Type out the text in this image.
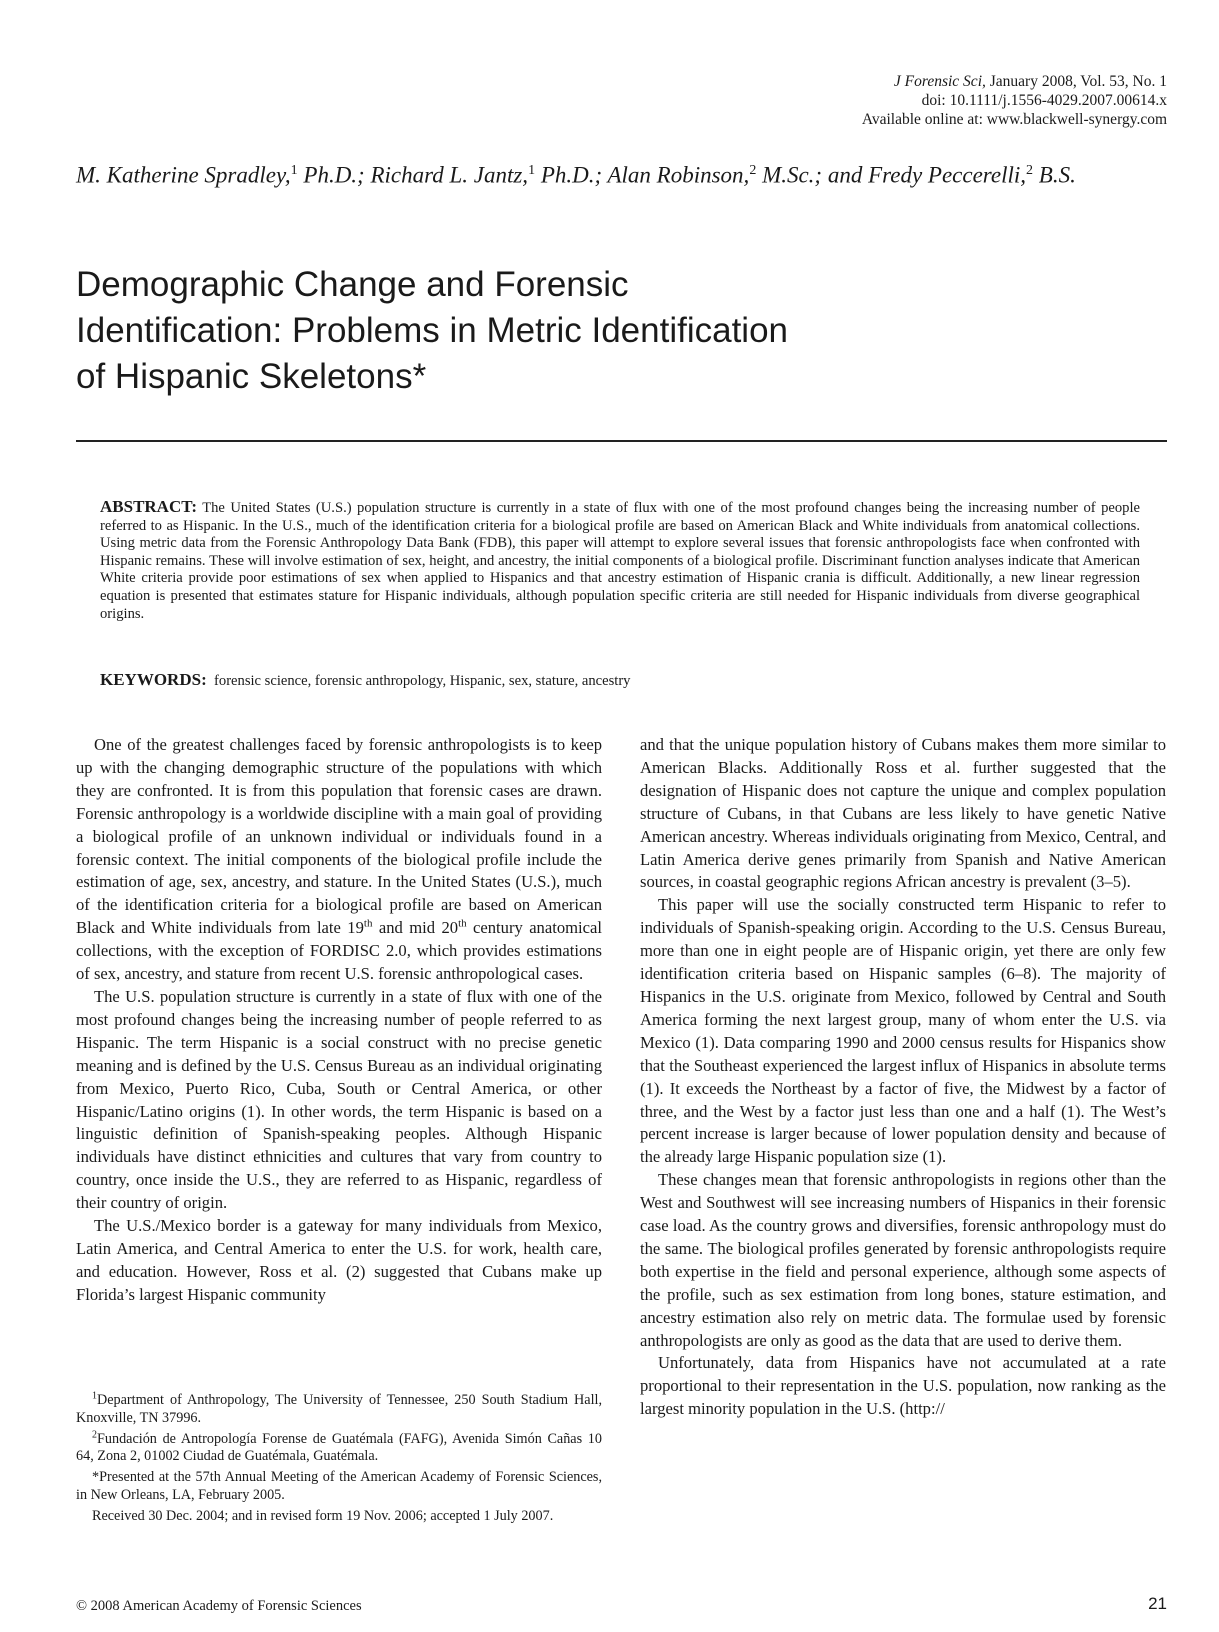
J Forensic Sci, January 2008, Vol. 53, No. 1
doi: 10.1111/j.1556-4029.2007.00614.x
Available online at: www.blackwell-synergy.com
M. Katherine Spradley,$^1$ Ph.D.; Richard L. Jantz,$^1$ Ph.D.; Alan Robinson,$^2$ M.Sc.; and Fredy Peccerelli,$^2$ B.S.
Demographic Change and Forensic
Identification: Problems in Metric Identification
of Hispanic Skeletons*
ABSTRACT: The United States (U.S.) population structure is currently in a state of flux with one of the most profound changes being the increasing number of people referred to as Hispanic. In the U.S., much of the identification criteria for a biological profile are based on American Black and White individuals from anatomical collections. Using metric data from the Forensic Anthropology Data Bank (FDB), this paper will attempt to explore several issues that forensic anthropologists face when confronted with Hispanic remains. These will involve estimation of sex, height, and ancestry, the initial components of a biological profile. Discriminant function analyses indicate that American White criteria provide poor estimations of sex when applied to Hispanics and that ancestry estimation of Hispanic crania is difficult. Additionally, a new linear regression equation is presented that estimates stature for Hispanic individuals, although population specific criteria are still needed for Hispanic individuals from diverse geographical origins.
KEYWORDS: forensic science, forensic anthropology, Hispanic, sex, stature, ancestry

One of the greatest challenges faced by forensic anthropologists is to keep up with the changing demographic structure of the populations with which they are confronted. It is from this population that forensic cases are drawn. Forensic anthropology is a worldwide discipline with a main goal of providing a biological profile of an unknown individual or individuals found in a forensic context. The initial components of the biological profile include the estimation of age, sex, ancestry, and stature. In the United States (U.S.), much of the identification criteria for a biological profile are based on American Black and White individuals from late 19th and mid 20th century anatomical collections, with the exception of FORDISC 2.0, which provides estimations of sex, ancestry, and stature from recent U.S. forensic anthropological cases.

The U.S. population structure is currently in a state of flux with one of the most profound changes being the increasing number of people referred to as Hispanic. The term Hispanic is a social construct with no precise genetic meaning and is defined by the U.S. Census Bureau as an individual originating from Mexico, Puerto Rico, Cuba, South or Central America, or other Hispanic/Latino origins (1). In other words, the term Hispanic is based on a linguistic definition of Spanish-speaking peoples. Although Hispanic individuals have distinct ethnicities and cultures that vary from country to country, once inside the U.S., they are referred to as Hispanic, regardless of their country of origin.

The U.S./Mexico border is a gateway for many individuals from Mexico, Latin America, and Central America to enter the U.S. for work, health care, and education. However, Ross et al. (2) suggested that Cubans make up Florida’s largest Hispanic community

$^1$Department of Anthropology, The University of Tennessee, 250 South Stadium Hall, Knoxville, TN 37996.

$^2$Fundación de Antropología Forense de Guatémala (FAFG), Avenida Simón Cañas 10 64, Zona 2, 01002 Ciudad de Guatémala, Guatémala.

*Presented at the 57th Annual Meeting of the American Academy of Forensic Sciences, in New Orleans, LA, February 2005.

Received 30 Dec. 2004; and in revised form 19 Nov. 2006; accepted 1 July 2007.

and that the unique population history of Cubans makes them more similar to American Blacks. Additionally Ross et al. further suggested that the designation of Hispanic does not capture the unique and complex population structure of Cubans, in that Cubans are less likely to have genetic Native American ancestry. Whereas individuals originating from Mexico, Central, and Latin America derive genes primarily from Spanish and Native American sources, in coastal geographic regions African ancestry is prevalent (3–5).

This paper will use the socially constructed term Hispanic to refer to individuals of Spanish-speaking origin. According to the U.S. Census Bureau, more than one in eight people are of Hispanic origin, yet there are only few identification criteria based on Hispanic samples (6–8). The majority of Hispanics in the U.S. originate from Mexico, followed by Central and South America forming the next largest group, many of whom enter the U.S. via Mexico (1). Data comparing 1990 and 2000 census results for Hispanics show that the Southeast experienced the largest influx of Hispanics in absolute terms (1). It exceeds the Northeast by a factor of five, the Midwest by a factor of three, and the West by a factor just less than one and a half (1). The West’s percent increase is larger because of lower population density and because of the already large Hispanic population size (1).

These changes mean that forensic anthropologists in regions other than the West and Southwest will see increasing numbers of Hispanics in their forensic case load. As the country grows and diversifies, forensic anthropology must do the same. The biological profiles generated by forensic anthropologists require both expertise in the field and personal experience, although some aspects of the profile, such as sex estimation from long bones, stature estimation, and ancestry estimation also rely on metric data. The formulae used by forensic anthropologists are only as good as the data that are used to derive them.

Unfortunately, data from Hispanics have not accumulated at a rate proportional to their representation in the U.S. population, now ranking as the largest minority population in the U.S. (http://

© 2008 American Academy of Forensic Sciences	21
